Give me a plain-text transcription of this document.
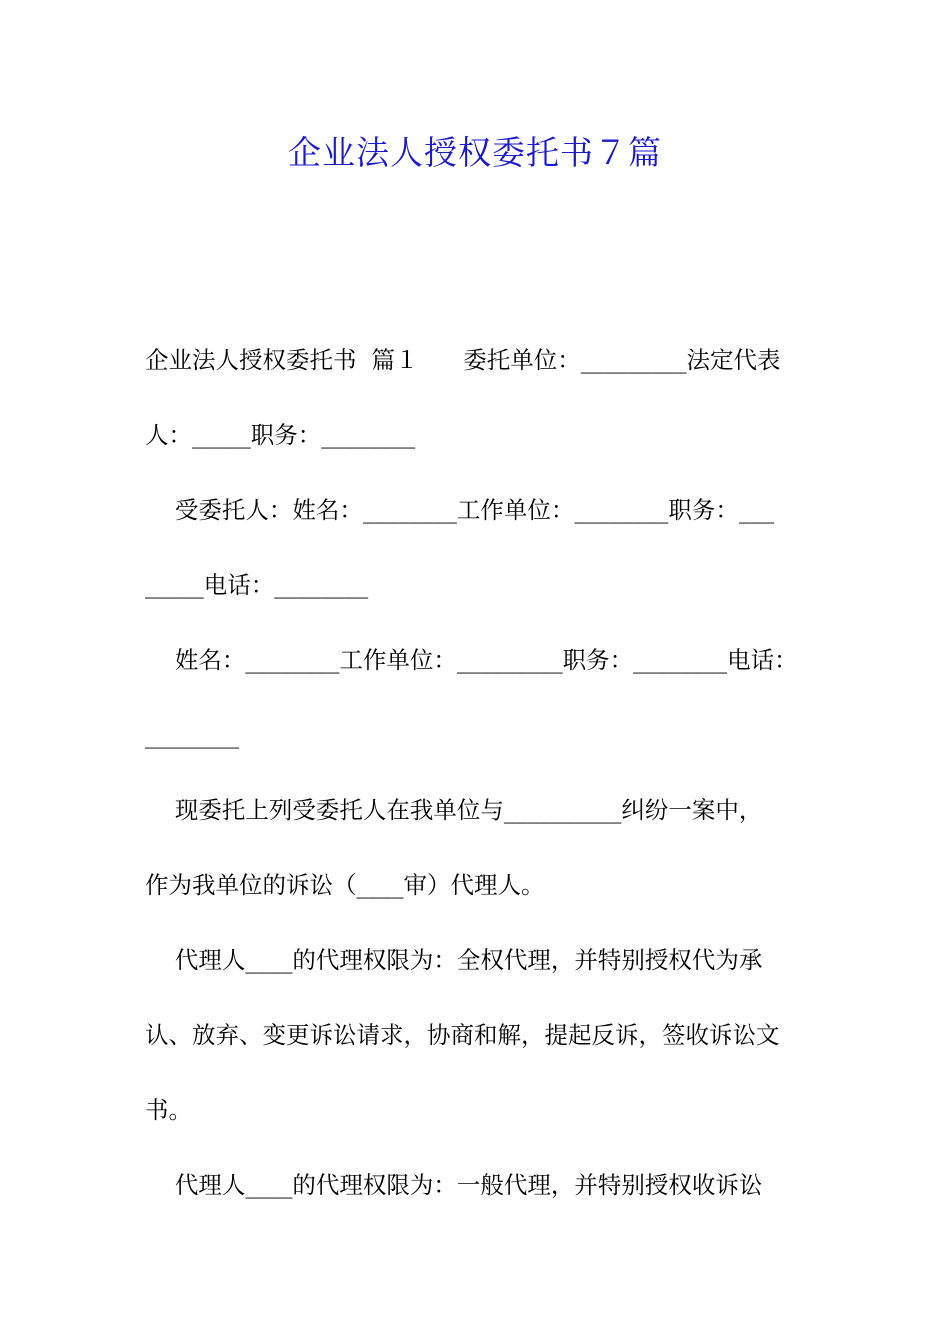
企业法人授权委托书７篇
企业法人授权委托书  篇１      委托单位：_________法定代表
人：_____职务：________
受委托人：姓名：________工作单位：________职务：___
_____电话：________
姓名：________工作单位：_________职务：________电话：
________
现委托上列受委托人在我单位与__________纠纷一案中，
作为我单位的诉讼（____审）代理人。
代理人____的代理权限为：全权代理，并特别授权代为承
认、放弃、变更诉讼请求，协商和解，提起反诉，签收诉讼文
书。
代理人____的代理权限为：一般代理，并特别授权收诉讼
